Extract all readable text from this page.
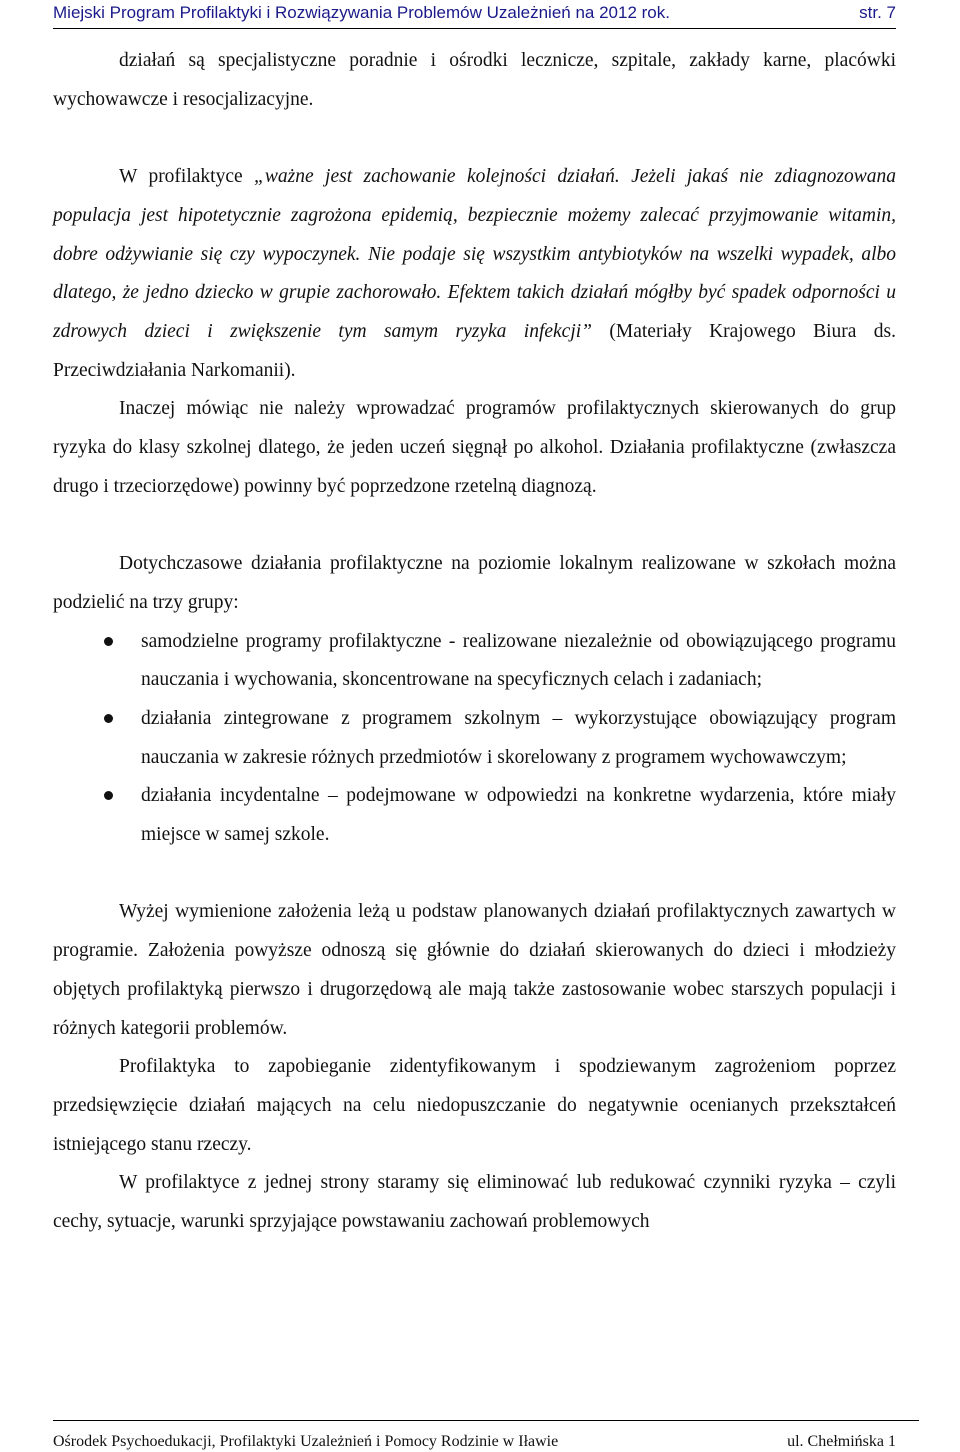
Miejski Program Profilaktyki i Rozwiązywania Problemów Uzależnień na 2012 rok.	str. 7

działań są specjalistyczne poradnie i ośrodki lecznicze, szpitale, zakłady karne, placówki wychowawcze i resocjalizacyjne.

W profilaktyce „ważne jest zachowanie kolejności działań. Jeżeli jakaś nie zdiagnozowana populacja jest hipotetycznie zagrożona epidemią, bezpiecznie możemy zalecać przyjmowanie witamin, dobre odżywianie się czy wypoczynek. Nie podaje się wszystkim antybiotyków na wszelki wypadek, albo dlatego, że jedno dziecko w grupie zachorowało. Efektem takich działań mógłby być spadek odporności u zdrowych dzieci i zwiększenie tym samym ryzyka infekcji” (Materiały Krajowego Biura ds. Przeciwdziałania Narkomanii).

Inaczej mówiąc nie należy wprowadzać programów profilaktycznych skierowanych do grup ryzyka do klasy szkolnej dlatego, że jeden uczeń sięgnął po alkohol. Działania profilaktyczne (zwłaszcza drugo i trzeciorzędowe) powinny być poprzedzone rzetelną diagnozą.

Dotychczasowe działania profilaktyczne na poziomie lokalnym realizowane w szkołach można podzielić na trzy grupy:

samodzielne programy profilaktyczne - realizowane niezależnie od obowiązującego programu nauczania i wychowania, skoncentrowane na specyficznych celach i zadaniach;
działania zintegrowane z programem szkolnym – wykorzystujące obowiązujący program nauczania w zakresie różnych przedmiotów i skorelowany z programem wychowawczym;
działania incydentalne – podejmowane w odpowiedzi na konkretne wydarzenia, które miały miejsce w samej szkole.

Wyżej wymienione założenia leżą u podstaw planowanych działań profilaktycznych zawartych w programie. Założenia powyższe odnoszą się głównie do działań skierowanych do dzieci i młodzieży objętych profilaktyką pierwszo i drugorzędową ale mają także zastosowanie wobec starszych populacji i różnych kategorii problemów.

Profilaktyka to zapobieganie zidentyfikowanym i spodziewanym zagrożeniom poprzez przedsięwzięcie działań mających na celu niedopuszczanie do negatywnie ocenianych przekształceń istniejącego stanu rzeczy.

W profilaktyce z jednej strony staramy się eliminować lub redukować czynniki ryzyka – czyli cechy, sytuacje, warunki sprzyjające powstawaniu zachowań problemowych

Ośrodek Psychoedukacji, Profilaktyki Uzależnień i Pomocy Rodzinie w Iławie	ul. Chełmińska 1
